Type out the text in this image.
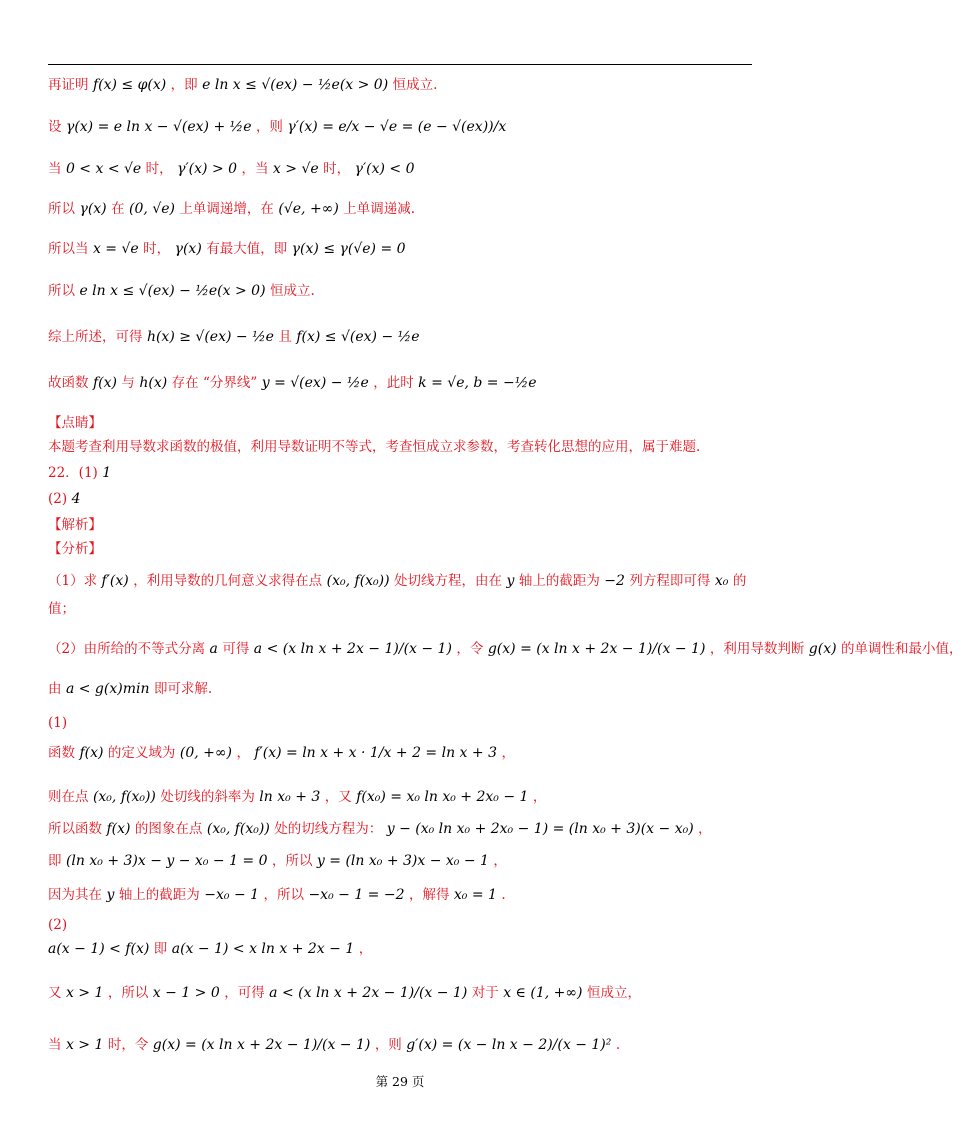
再证明 f(x) ≤ φ(x) ，即 e ln x ≤ √(ex) − ½e(x > 0) 恒成立.
设 γ(x) = e ln x − √(ex) + ½e ，则 γ′(x) = e/x − √e = (e − √(ex))/x
当 0 < x < √e 时， γ′(x) > 0 ，当 x > √e 时， γ′(x) < 0
所以 γ(x) 在 (0, √e) 上单调递增，在 (√e, +∞) 上单调递减.
所以当 x = √e 时， γ(x) 有最大值，即 γ(x) ≤ γ(√e) = 0
所以 e ln x ≤ √(ex) − ½e(x > 0) 恒成立.
综上所述，可得 h(x) ≥ √(ex) − ½e 且 f(x) ≤ √(ex) − ½e
故函数 f(x) 与 h(x) 存在 “分界线” y = √(ex) − ½e ，此时 k = √e, b = −½e
【点睛】
本题考查利用导数求函数的极值，利用导数证明不等式，考查恒成立求参数，考查转化思想的应用，属于难题.
22．(1) 1
(2) 4
【解析】
【分析】
（1）求 f′(x) ，利用导数的几何意义求得在点 (x₀, f(x₀)) 处切线方程，由在 y 轴上的截距为 −2 列方程即可得 x₀ 的
值；
（2）由所给的不等式分离 a 可得 a < (x ln x + 2x − 1)/(x − 1) ，令 g(x) = (x ln x + 2x − 1)/(x − 1) ，利用导数判断 g(x) 的单调性和最小值，
由 a < g(x)min 即可求解.
(1)
函数 f(x) 的定义域为 (0, +∞) ， f′(x) = ln x + x · 1/x + 2 = ln x + 3 ，
则在点 (x₀, f(x₀)) 处切线的斜率为 ln x₀ + 3 ，又 f(x₀) = x₀ ln x₀ + 2x₀ − 1 ，
所以函数 f(x) 的图象在点 (x₀, f(x₀)) 处的切线方程为： y − (x₀ ln x₀ + 2x₀ − 1) = (ln x₀ + 3)(x − x₀) ，
即 (ln x₀ + 3)x − y − x₀ − 1 = 0 ，所以 y = (ln x₀ + 3)x − x₀ − 1 ，
因为其在 y 轴上的截距为 −x₀ − 1 ，所以 −x₀ − 1 = −2 ，解得 x₀ = 1 .
(2)
a(x − 1) < f(x) 即 a(x − 1) < x ln x + 2x − 1 ，
又 x > 1 ，所以 x − 1 > 0 ，可得 a < (x ln x + 2x − 1)/(x − 1) 对于 x ∈ (1, +∞) 恒成立，
当 x > 1 时，令 g(x) = (x ln x + 2x − 1)/(x − 1) ，则 g′(x) = (x − ln x − 2)/(x − 1)² .
第 29 页
